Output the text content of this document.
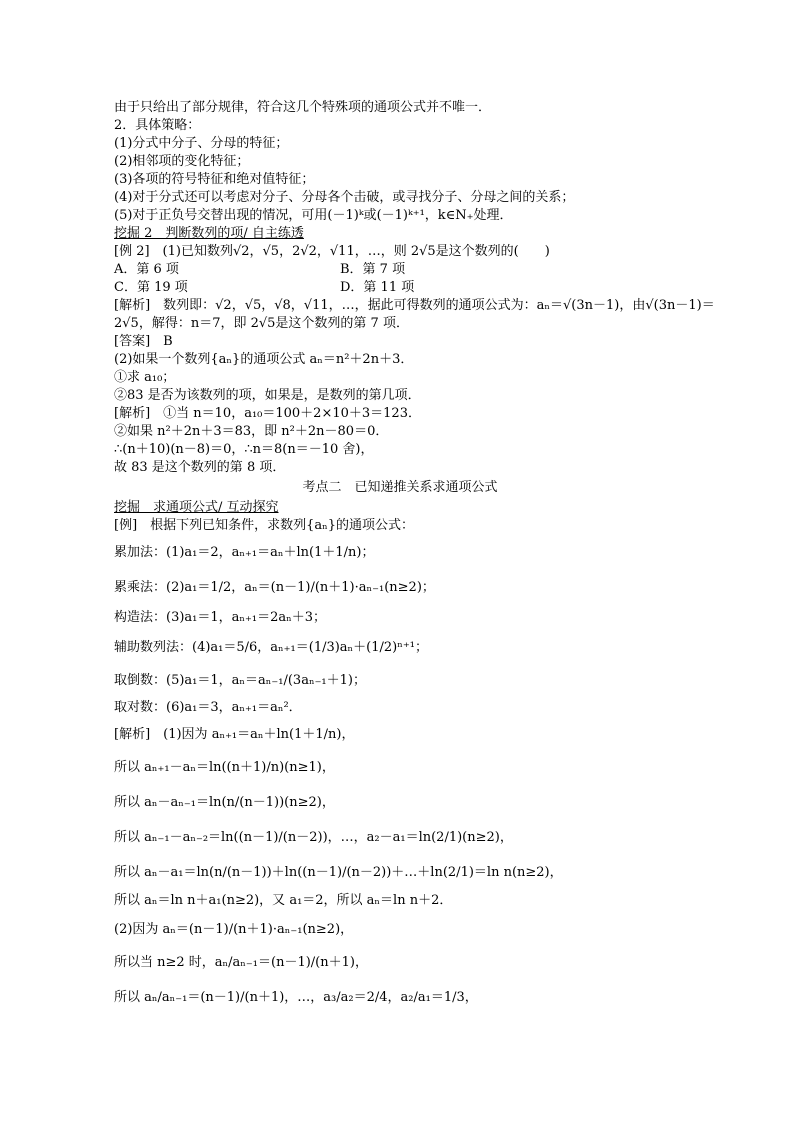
由于只给出了部分规律，符合这几个特殊项的通项公式并不唯一．
2．具体策略：
(1)分式中分子、分母的特征；
(2)相邻项的变化特征；
(3)各项的符号特征和绝对值特征；
(4)对于分式还可以考虑对分子、分母各个击破，或寻找分子、分母之间的关系；
(5)对于正负号交替出现的情况，可用(－1)ᵏ或(－1)ᵏ⁺¹，k∈N₊处理．
挖掘 2　判断数列的项/ 自主练透
[例 2]　(1)已知数列√2，√5，2√2，√11，…，则 2√5是这个数列的(　　)
A．第 6 项	B．第 7 项
C．第 19 项	D．第 11 项
[解析]　数列即：√2，√5，√8，√11，…，据此可得数列的通项公式为：aₙ＝√(3n－1)，由√(3n－1)＝
2√5，解得：n＝7，即 2√5是这个数列的第 7 项．
[答案]　B
(2)如果一个数列{aₙ}的通项公式 aₙ＝n²＋2n＋3．
①求 a₁₀；
②83 是否为该数列的项，如果是，是数列的第几项．
[解析]　①当 n＝10，a₁₀＝100＋2×10＋3＝123．
②如果 n²＋2n＋3＝83，即 n²＋2n－80＝0．
∴(n＋10)(n－8)＝0，∴n＝8(n＝－10 舍)，
故 83 是这个数列的第 8 项．
考点二　已知递推关系求通项公式
挖掘　求通项公式/ 互动探究
[例]　根据下列已知条件，求数列{aₙ}的通项公式：
累加法：(1)a₁＝2，aₙ₊₁＝aₙ＋ln(1＋1/n)；
累乘法：(2)a₁＝1/2，aₙ＝(n－1)/(n＋1)·aₙ₋₁(n≥2)；
构造法：(3)a₁＝1，aₙ₊₁＝2aₙ＋3；
辅助数列法：(4)a₁＝5/6，aₙ₊₁＝(1/3)aₙ＋(1/2)ⁿ⁺¹；
取倒数：(5)a₁＝1，aₙ＝aₙ₋₁/(3aₙ₋₁＋1)；
取对数：(6)a₁＝3，aₙ₊₁＝aₙ²．
[解析]　(1)因为 aₙ₊₁＝aₙ＋ln(1＋1/n)，
所以 aₙ₊₁－aₙ＝ln((n＋1)/n)(n≥1)，
所以 aₙ－aₙ₋₁＝ln(n/(n－1))(n≥2)，
所以 aₙ₋₁－aₙ₋₂＝ln((n－1)/(n－2))，…，a₂－a₁＝ln(2/1)(n≥2)，
所以 aₙ－a₁＝ln(n/(n－1))＋ln((n－1)/(n－2))＋…＋ln(2/1)＝ln n(n≥2)，
所以 aₙ＝ln n＋a₁(n≥2)，又 a₁＝2，所以 aₙ＝ln n＋2．
(2)因为 aₙ＝(n－1)/(n＋1)·aₙ₋₁(n≥2)，
所以当 n≥2 时，aₙ/aₙ₋₁＝(n－1)/(n＋1)，
所以 aₙ/aₙ₋₁＝(n－1)/(n＋1)，…，a₃/a₂＝2/4，a₂/a₁＝1/3，
